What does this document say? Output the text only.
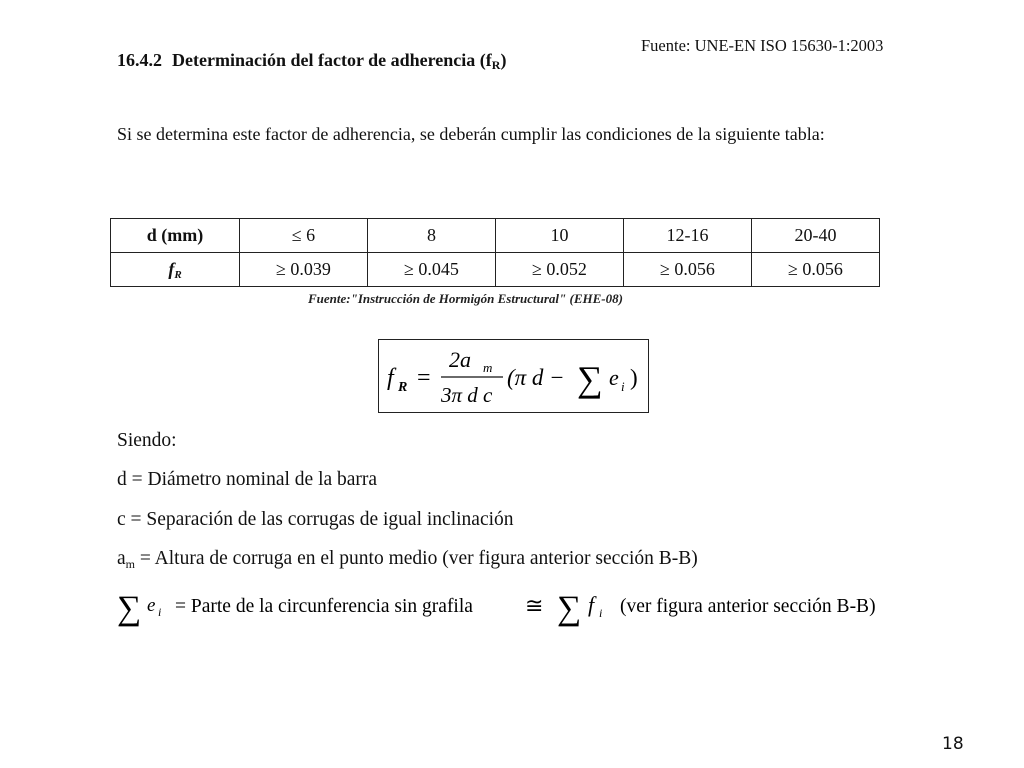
Fuente: UNE-EN ISO 15630-1:2003
16.4.2 Determinación del factor de adherencia $(f_R)$
Si se determina este factor de adherencia, se deberán cumplir las condiciones de la siguiente tabla:
d (mm)	≤ 6	8	10	12-16	20-40
$f_R$	≥ 0.039	≥ 0.045	≥ 0.052	≥ 0.056	≥ 0.056
Fuente:"Instrucción de Hormigón Estructural" (EHE-08)
f R =
2a m
3π d c
(π d − ∑ e i )
Siendo:
d = Diámetro nominal de la barra
c = Separación de las corrugas de igual inclinación
$a_m$ = Altura de corruga en el punto medio (ver figura anterior sección B-B)
∑ e i = Parte de la circunferencia sin grafila ≅ ∑ f i (ver figura anterior sección B-B)
18
